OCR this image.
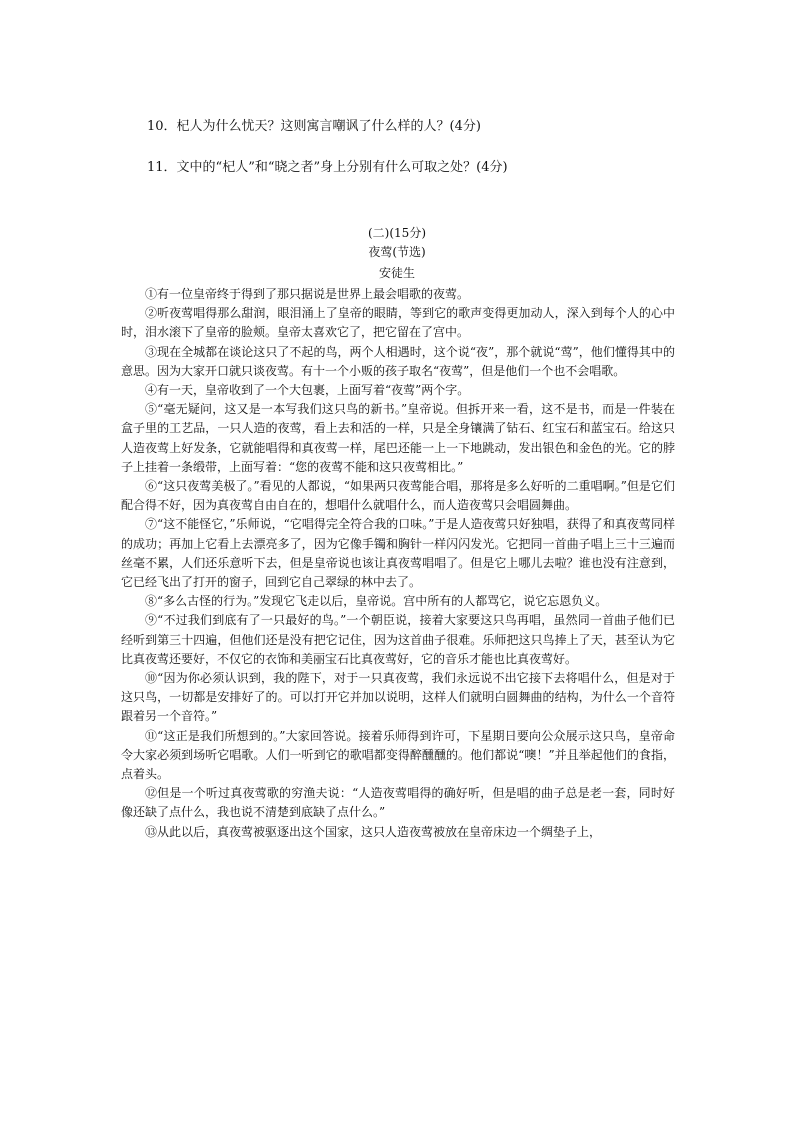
10．杞人为什么忧天？这则寓言嘲讽了什么样的人？(4分)
11．文中的“杞人”和“晓之者”身上分别有什么可取之处？(4分)
(二)(15分)
夜莺(节选)
安徒生

①有一位皇帝终于得到了那只据说是世界上最会唱歌的夜莺。

②听夜莺唱得那么甜润，眼泪涌上了皇帝的眼睛，等到它的歌声变得更加动人，深入到每个人的心中时，泪水滚下了皇帝的脸颊。皇帝太喜欢它了，把它留在了宫中。

③现在全城都在谈论这只了不起的鸟，两个人相遇时，这个说“夜”，那个就说“莺”，他们懂得其中的意思。因为大家开口就只谈夜莺。有十一个小贩的孩子取名“夜莺”，但是他们一个也不会唱歌。

④有一天，皇帝收到了一个大包裹，上面写着“夜莺”两个字。

⑤“毫无疑问，这又是一本写我们这只鸟的新书。”皇帝说。但拆开来一看，这不是书，而是一件装在盒子里的工艺品，一只人造的夜莺，看上去和活的一样，只是全身镶满了钻石、红宝石和蓝宝石。给这只人造夜莺上好发条，它就能唱得和真夜莺一样，尾巴还能一上一下地跳动，发出银色和金色的光。它的脖子上挂着一条缎带，上面写着：“您的夜莺不能和这只夜莺相比。”

⑥“这只夜莺美极了。”看见的人都说，“如果两只夜莺能合唱，那将是多么好听的二重唱啊。”但是它们配合得不好，因为真夜莺自由自在的，想唱什么就唱什么，而人造夜莺只会唱圆舞曲。

⑦“这不能怪它，”乐师说，“它唱得完全符合我的口味。”于是人造夜莺只好独唱，获得了和真夜莺同样的成功；再加上它看上去漂亮多了，因为它像手镯和胸针一样闪闪发光。它把同一首曲子唱上三十三遍而丝毫不累，人们还乐意听下去，但是皇帝说也该让真夜莺唱唱了。但是它上哪儿去啦？谁也没有注意到，它已经飞出了打开的窗子，回到它自己翠绿的林中去了。

⑧“多么古怪的行为。”发现它飞走以后，皇帝说。宫中所有的人都骂它，说它忘恩负义。

⑨“不过我们到底有了一只最好的鸟。”一个朝臣说，接着大家要这只鸟再唱，虽然同一首曲子他们已经听到第三十四遍，但他们还是没有把它记住，因为这首曲子很难。乐师把这只鸟捧上了天，甚至认为它比真夜莺还要好，不仅它的衣饰和美丽宝石比真夜莺好，它的音乐才能也比真夜莺好。

⑩“因为你必须认识到，我的陛下，对于一只真夜莺，我们永远说不出它接下去将唱什么，但是对于这只鸟，一切都是安排好了的。可以打开它并加以说明，这样人们就明白圆舞曲的结构，为什么一个音符跟着另一个音符。”

⑪“这正是我们所想到的。”大家回答说。接着乐师得到许可，下星期日要向公众展示这只鸟，皇帝命令大家必须到场听它唱歌。人们一听到它的歌唱都变得醉醺醺的。他们都说“噢！”并且举起他们的食指，点着头。

⑫但是一个听过真夜莺歌的穷渔夫说：“人造夜莺唱得的确好听，但是唱的曲子总是老一套，同时好像还缺了点什么，我也说不清楚到底缺了点什么。”

⑬从此以后，真夜莺被驱逐出这个国家，这只人造夜莺被放在皇帝床边一个绸垫子上，
